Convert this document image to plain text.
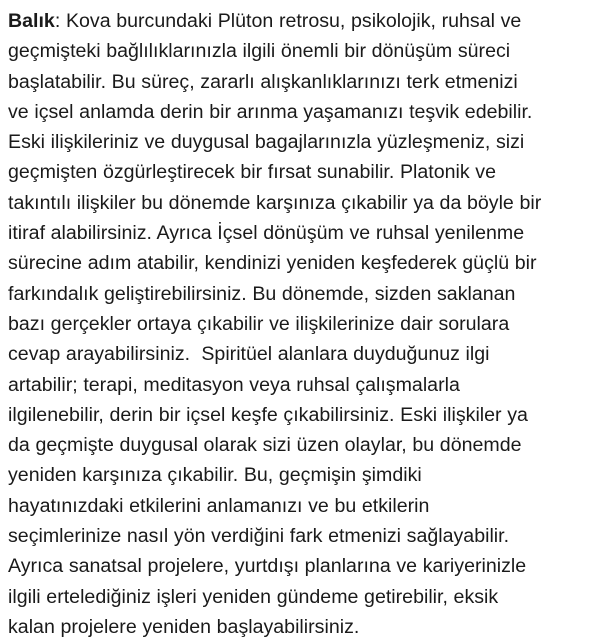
Balık: Kova burcundaki Plüton retrosu, psikolojik, ruhsal ve
geçmişteki bağlılıklarınızla ilgili önemli bir dönüşüm süreci
başlatabilir. Bu süreç, zararlı alışkanlıklarınızı terk etmenizi
ve içsel anlamda derin bir arınma yaşamanızı teşvik edebilir.
Eski ilişkileriniz ve duygusal bagajlarınızla yüzleşmeniz, sizi
geçmişten özgürleştirecek bir fırsat sunabilir. Platonik ve
takıntılı ilişkiler bu dönemde karşınıza çıkabilir ya da böyle bir
itiraf alabilirsiniz. Ayrıca İçsel dönüşüm ve ruhsal yenilenme
sürecine adım atabilir, kendinizi yeniden keşfederek güçlü bir
farkındalık geliştirebilirsiniz. Bu dönemde, sizden saklanan
bazı gerçekler ortaya çıkabilir ve ilişkilerinize dair sorulara
cevap arayabilirsiniz.  Spiritüel alanlara duyduğunuz ilgi
artabilir; terapi, meditasyon veya ruhsal çalışmalarla
ilgilenebilir, derin bir içsel keşfe çıkabilirsiniz. Eski ilişkiler ya
da geçmişte duygusal olarak sizi üzen olaylar, bu dönemde
yeniden karşınıza çıkabilir. Bu, geçmişin şimdiki
hayatınızdaki etkilerini anlamanızı ve bu etkilerin
seçimlerinize nasıl yön verdiğini fark etmenizi sağlayabilir.
Ayrıca sanatsal projelere, yurtdışı planlarına ve kariyerinizle
ilgili ertelediğiniz işleri yeniden gündeme getirebilir, eksik
kalan projelere yeniden başlayabilirsiniz.
